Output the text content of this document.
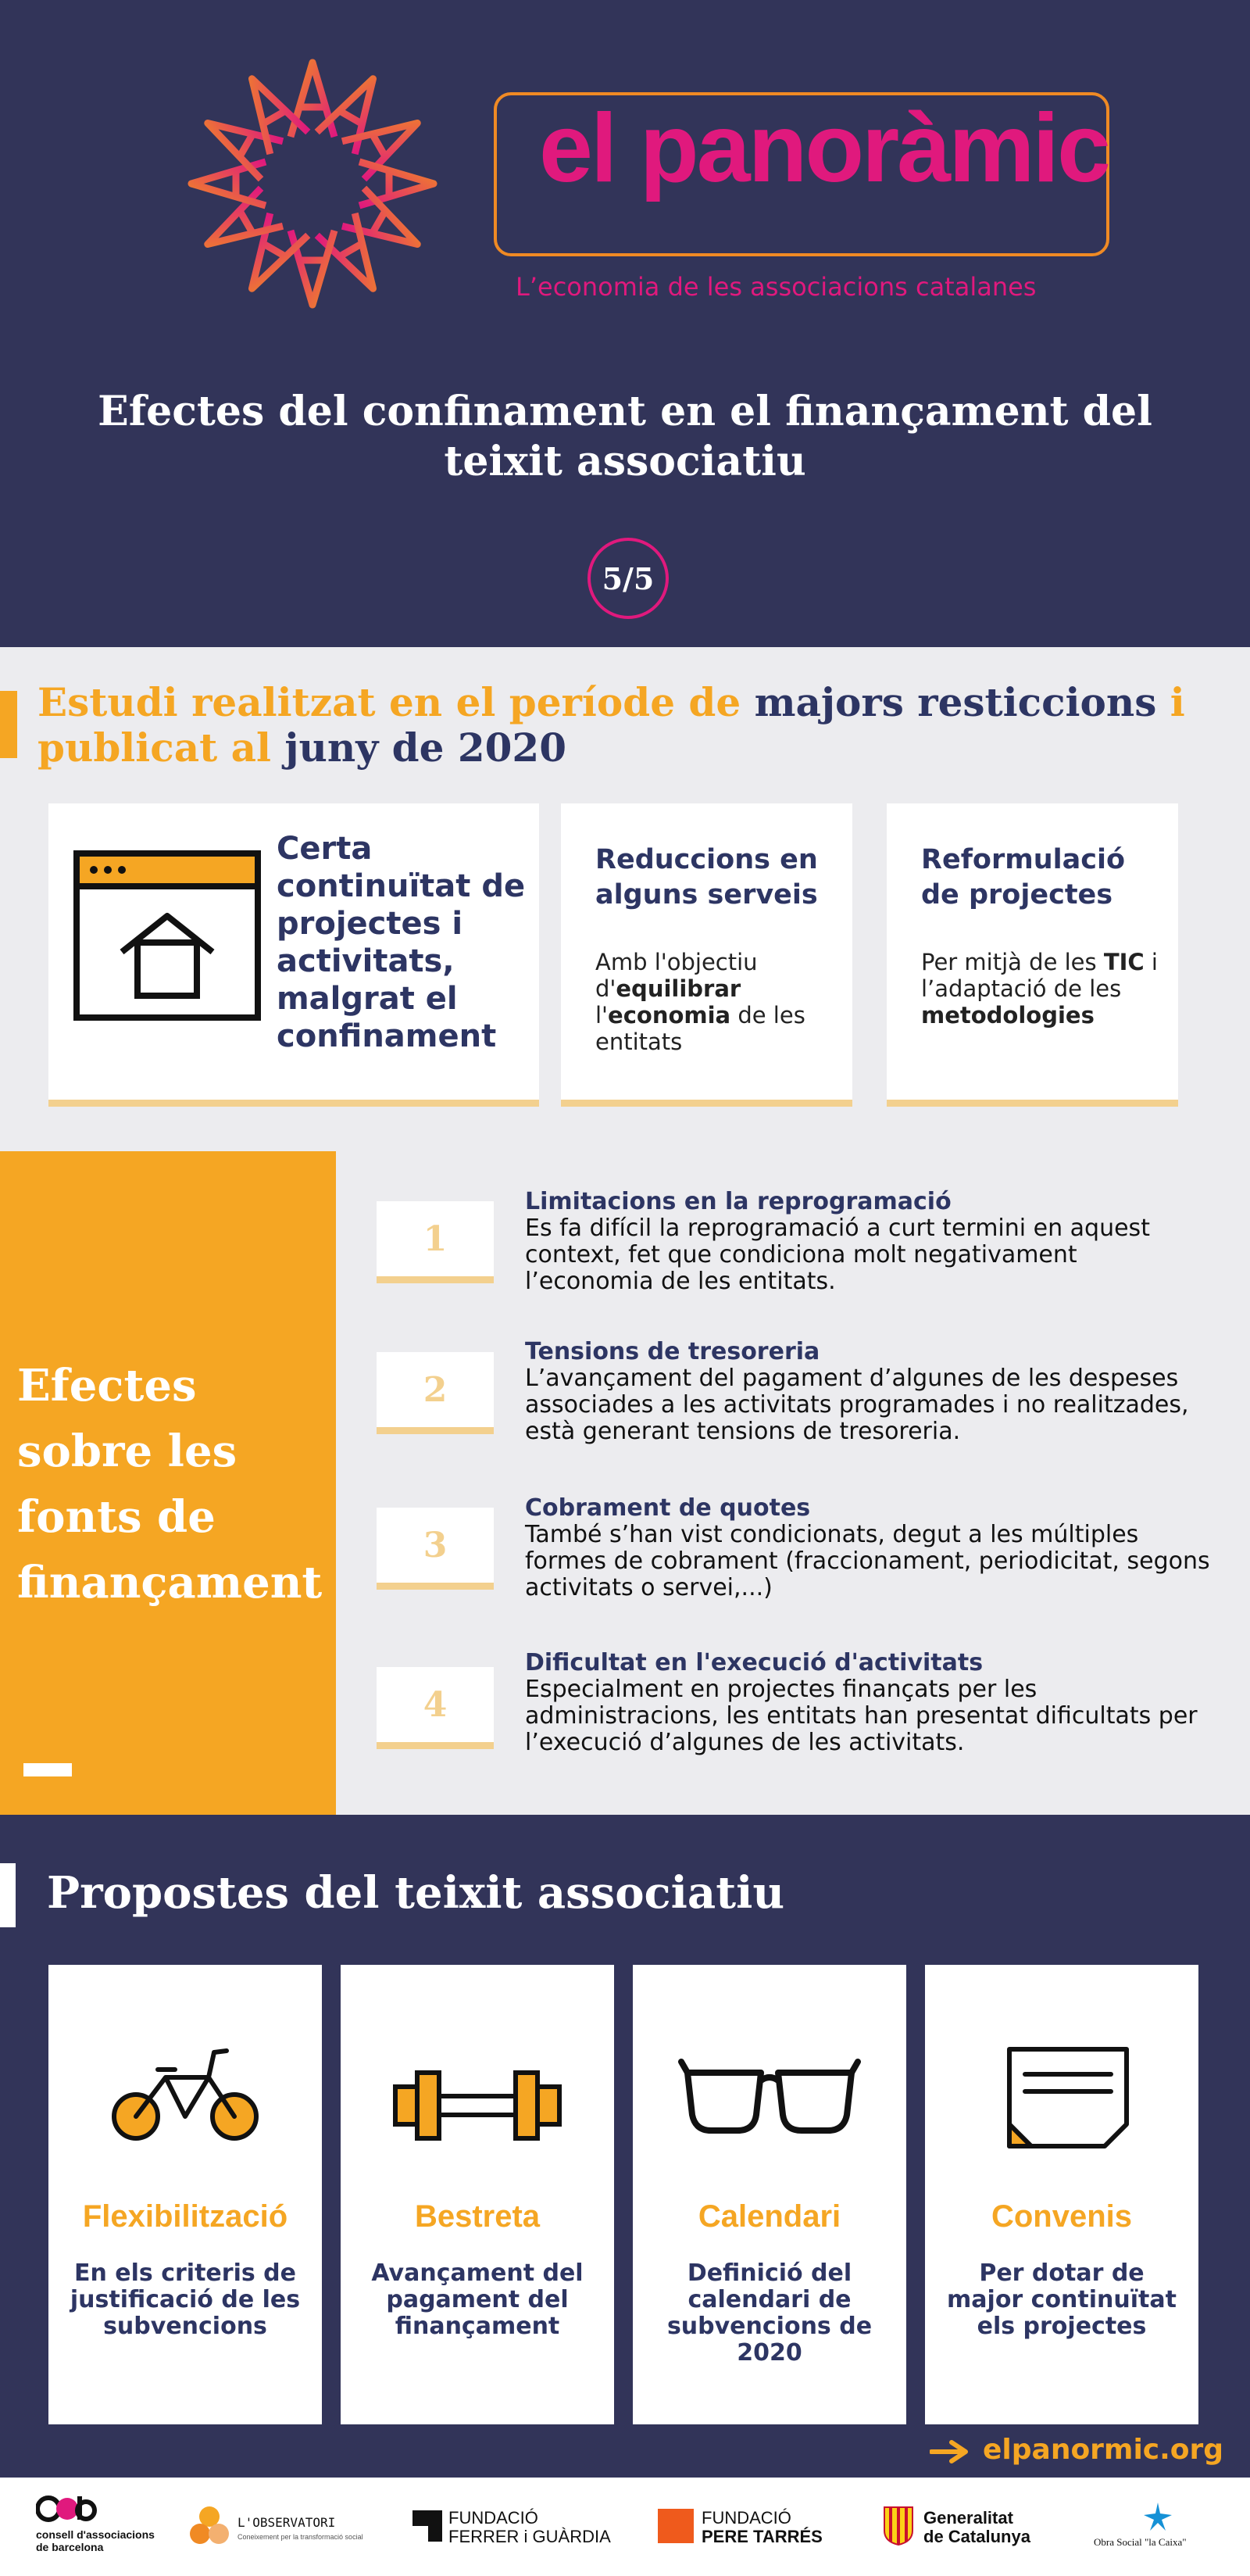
el panoràmic
L’economia de les associacions catalanes
Efectes del confinament en el finançament del teixit associatiu
5/5
Estudi realitzat en el període de majors resticcions i publicat al juny de 2020
Certa continuïtat de projectes i activitats, malgrat el confinament
Reduccions en alguns serveis
Amb l'objectiu d'equilibrar l'economia de les entitats
Reformulació de projectes
Per mitjà de les TIC i l’adaptació de les metodologies
Efectes sobre les fonts de finançament
1
Limitacions en la reprogramació
Es fa difícil la reprogramació a curt termini en aquest context, fet que condiciona molt negativament l’economia de les entitats.
2
Tensions de tresoreria
L’avançament del pagament d’algunes de les despeses associades a les activitats programades i no realitzades, està generant tensions de tresoreria.
3
Cobrament de quotes
També s’han vist condicionats, degut a les múltiples formes de cobrament (fraccionament, periodicitat, segons activitats o servei,...)
4
Dificultat en l'execució d'activitats
Especialment en projectes finançats per les administracions, les entitats han presentat dificultats per l’execució d’algunes de les activitats.
Propostes del teixit associatiu
Flexibilització
En els criteris de justificació de les subvencions
Bestreta
Avançament del pagament del finançament
Calendari
Definició del calendari de subvencions de 2020
Convenis
Per dotar de major continuïtat els projectes
elpanormic.org
consell d'associacions
de barcelona
L'OBSERVATORI
Coneixement per la transformació social
FUNDACIÓ
FERRER i GUÀRDIA
FUNDACIÓ
PERE TARRÉS
Generalitat
de Catalunya	Obra Social "la Caixa"
